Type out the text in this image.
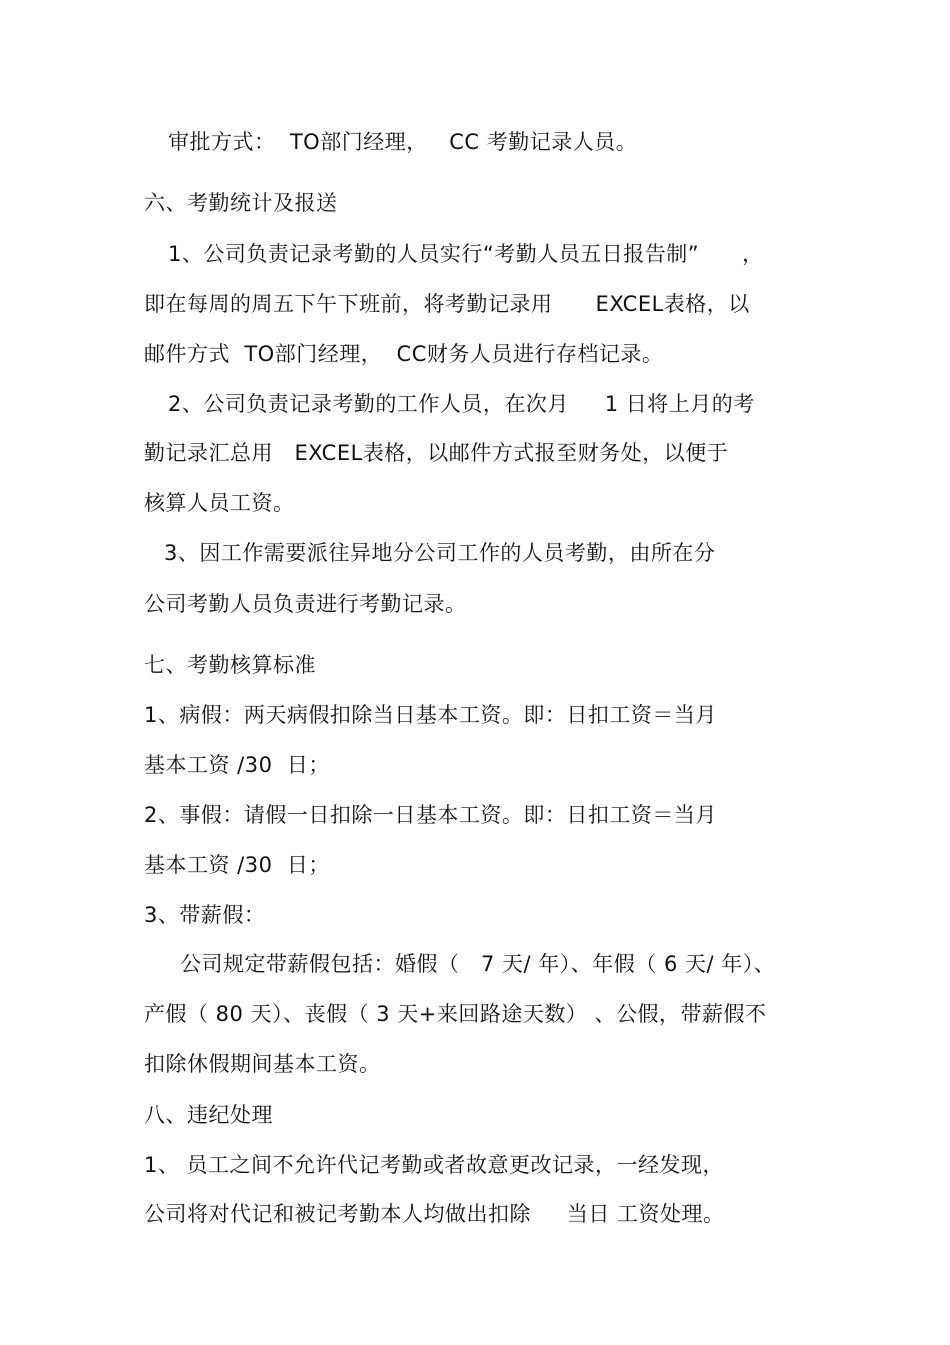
审批方式：  TO部门经理，   CC 考勤记录人员。
六、考勤统计及报送
1、公司负责记录考勤的人员实行“考勤人员五日报告制”      ，
即在每周的周五下午下班前，将考勤记录用      EXCEL表格，以
邮件方式  TO部门经理，  CC财务人员进行存档记录。
2、公司负责记录考勤的工作人员，在次月     1 日将上月的考
勤记录汇总用   EXCEL表格，以邮件方式报至财务处，以便于
核算人员工资。
3、因工作需要派往异地分公司工作的人员考勤，由所在分
公司考勤人员负责进行考勤记录。
七、考勤核算标准
1、病假：两天病假扣除当日基本工资。即：日扣工资＝当月
基本工资 /30  日；
2、事假：请假一日扣除一日基本工资。即：日扣工资＝当月
基本工资 /30  日；
3、带薪假：
公司规定带薪假包括：婚假（   7 天/ 年）、年假（ 6 天/ 年）、
产假（ 80 天）、丧假（ 3 天+来回路途天数） 、公假，带薪假不
扣除休假期间基本工资。
八、违纪处理
1、 员工之间不允许代记考勤或者故意更改记录，一经发现，
公司将对代记和被记考勤本人均做出扣除     当日 工资处理。
